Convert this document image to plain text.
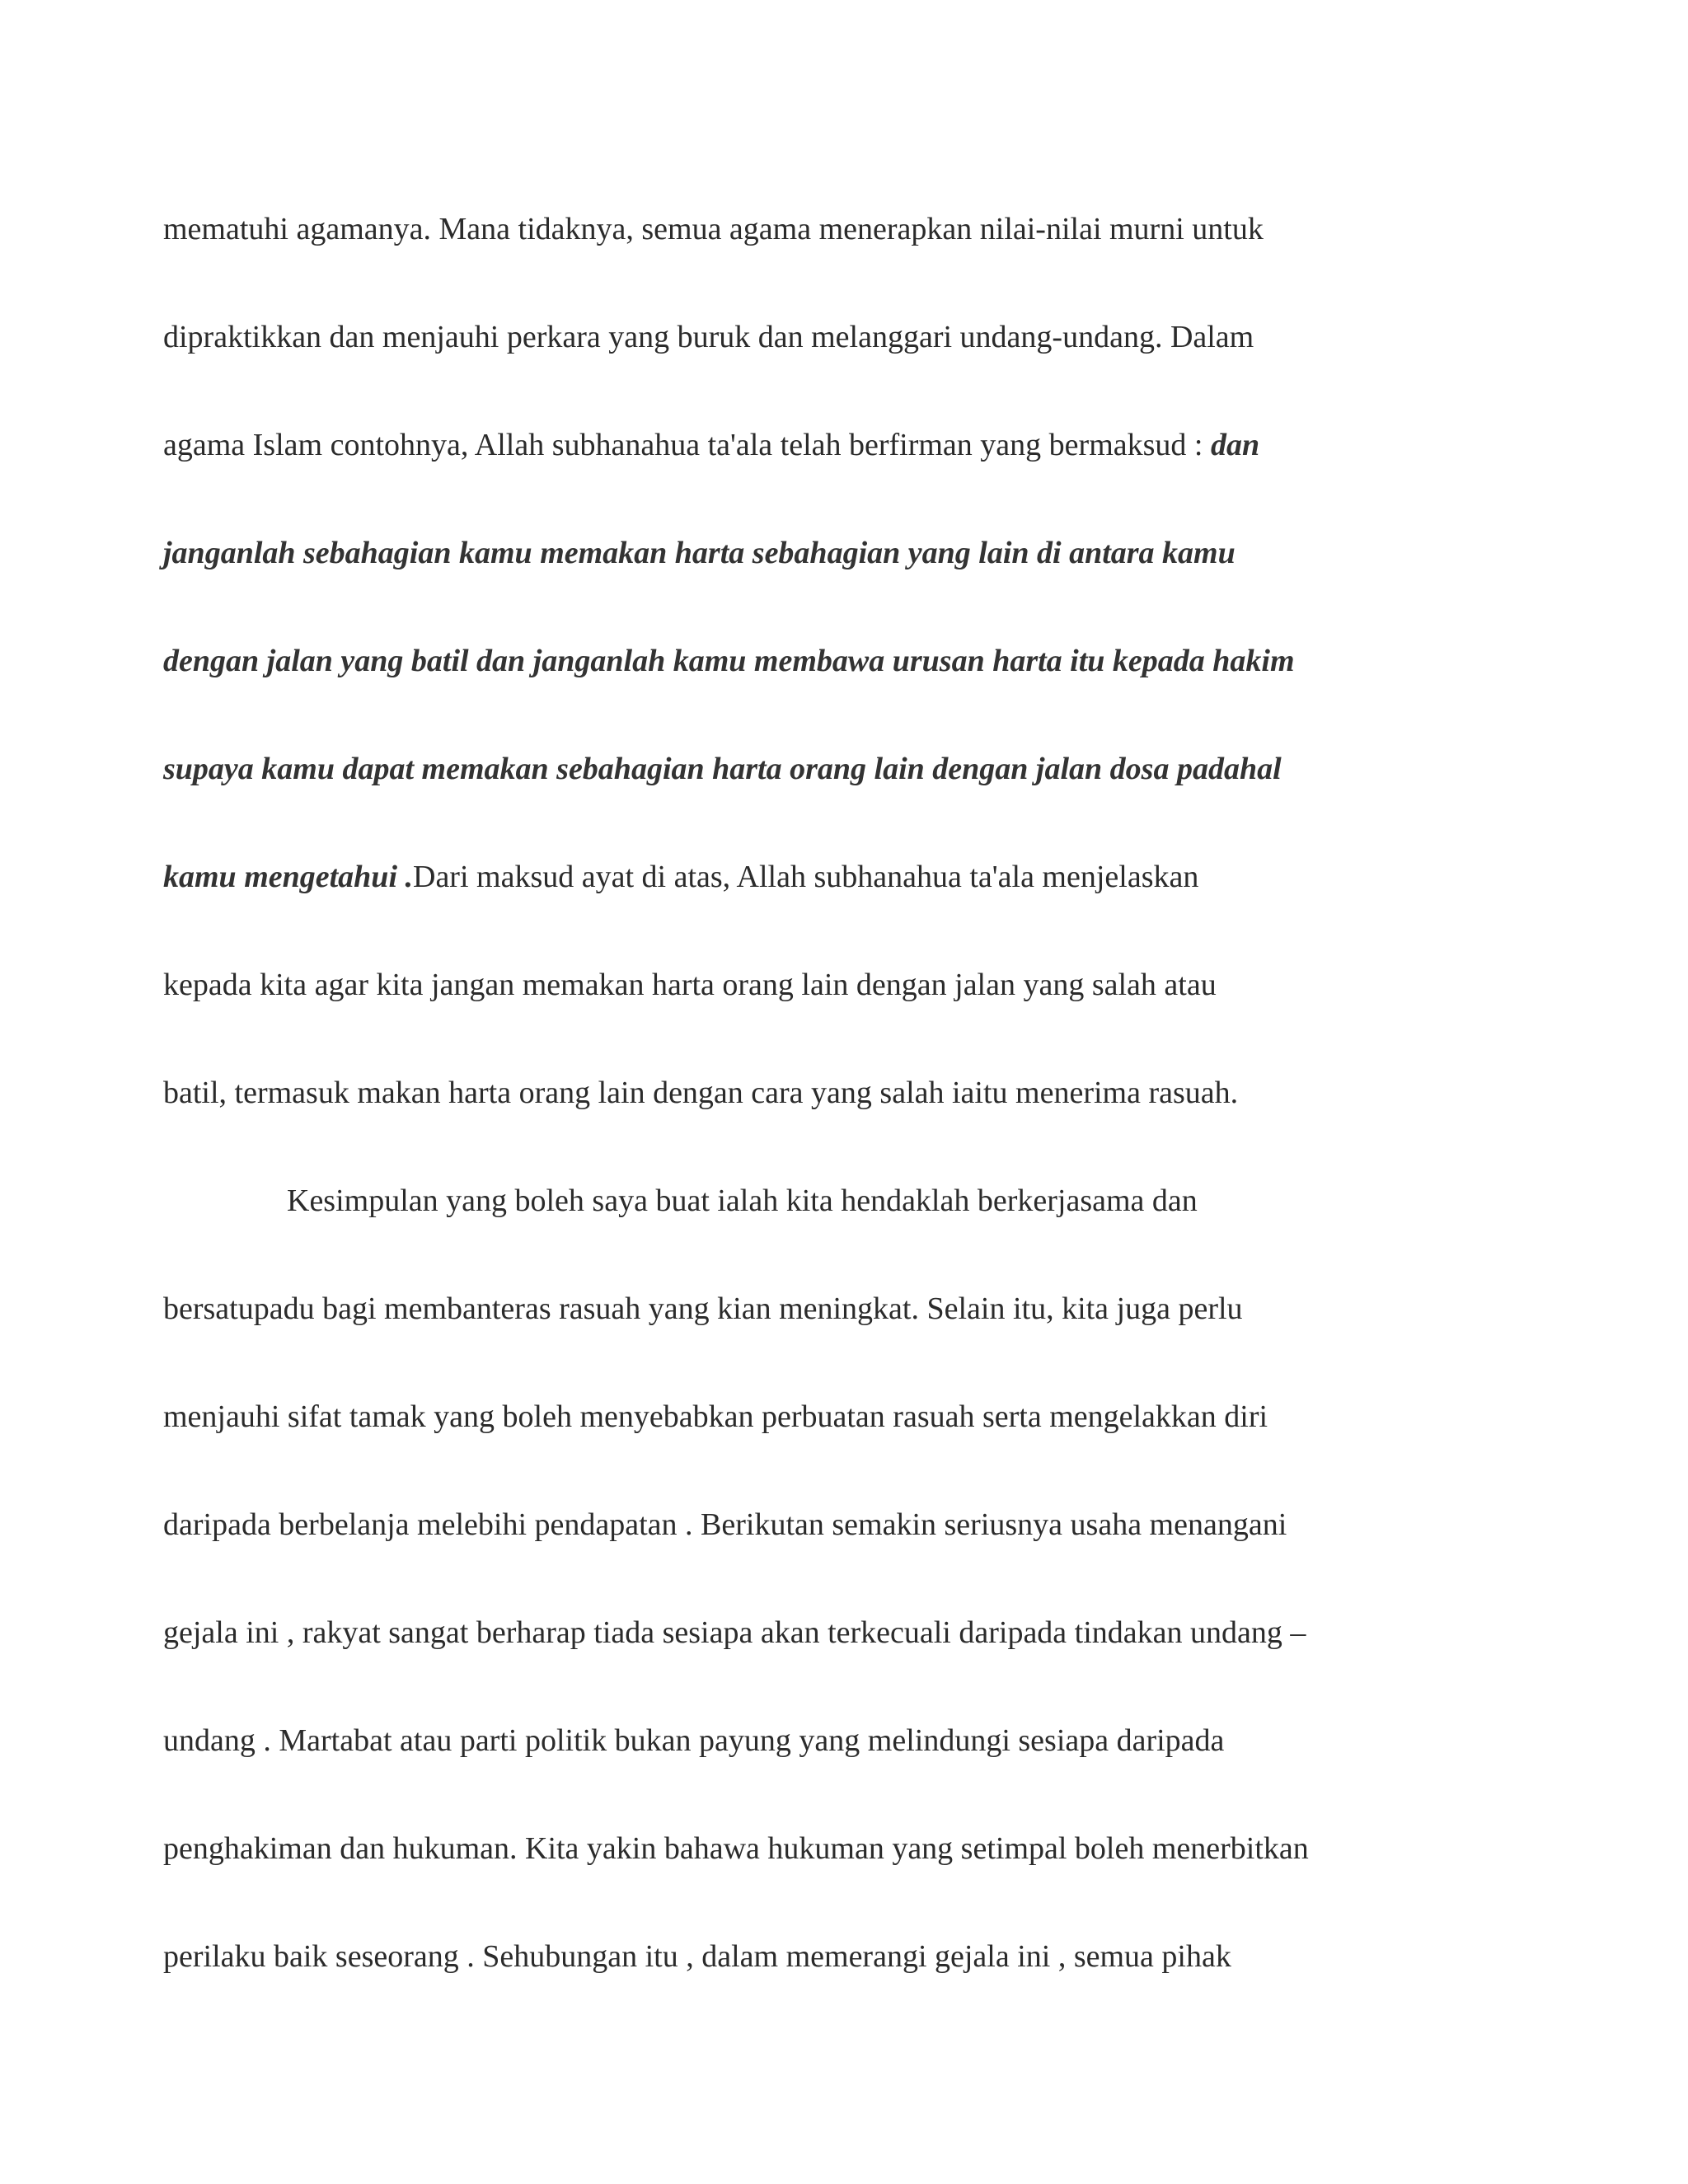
mematuhi agamanya. Mana tidaknya, semua agama menerapkan nilai-nilai murni untuk
dipraktikkan dan menjauhi perkara yang buruk dan melanggari undang-undang. Dalam
agama Islam contohnya, Allah subhanahua ta'ala telah berfirman yang bermaksud : dan
janganlah sebahagian kamu memakan harta sebahagian yang lain di antara kamu
dengan jalan yang batil dan janganlah kamu membawa urusan harta itu kepada hakim
supaya kamu dapat memakan sebahagian harta orang lain dengan jalan dosa padahal
kamu mengetahui .Dari maksud ayat di atas, Allah subhanahua ta'ala menjelaskan
kepada kita agar kita jangan memakan harta orang lain dengan jalan yang salah atau
batil, termasuk makan harta orang lain dengan cara yang salah iaitu menerima rasuah.
Kesimpulan yang boleh saya buat ialah kita hendaklah berkerjasama dan
bersatupadu bagi membanteras rasuah yang kian meningkat. Selain itu, kita juga perlu
menjauhi sifat tamak yang boleh menyebabkan perbuatan rasuah serta mengelakkan diri
daripada berbelanja melebihi pendapatan . Berikutan semakin seriusnya usaha menangani
gejala ini , rakyat sangat berharap tiada sesiapa akan terkecuali daripada tindakan undang –
undang . Martabat atau parti politik bukan payung yang melindungi sesiapa daripada
penghakiman dan hukuman. Kita yakin bahawa hukuman yang setimpal boleh menerbitkan
perilaku baik seseorang . Sehubungan itu , dalam memerangi gejala ini , semua pihak
